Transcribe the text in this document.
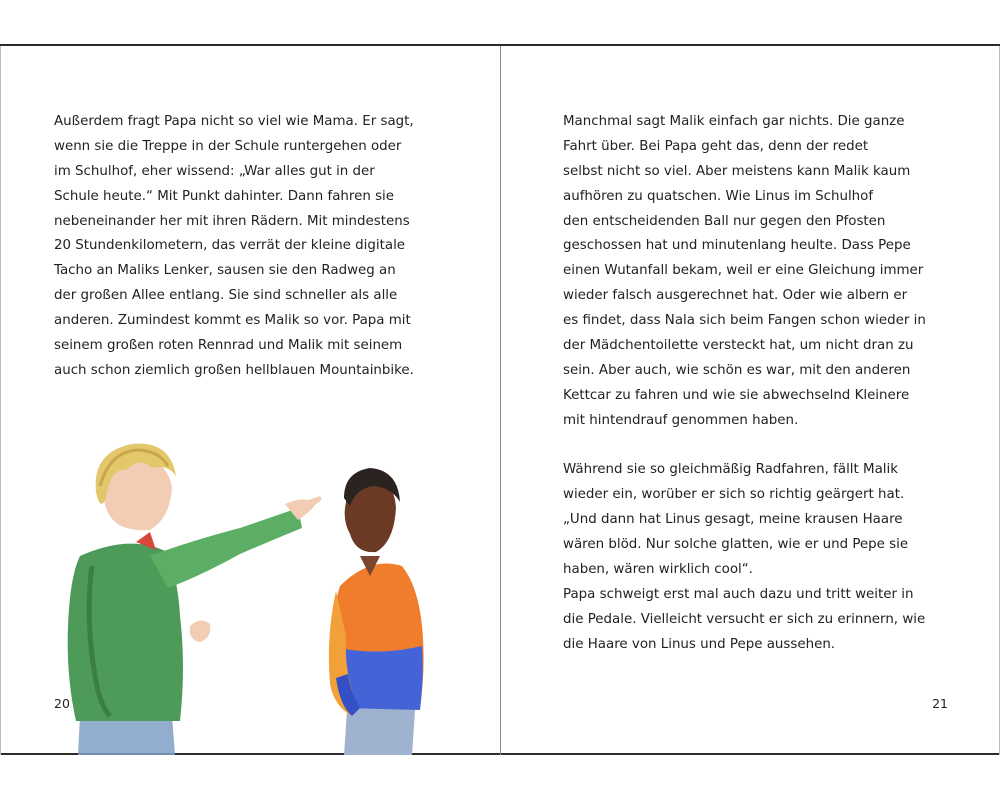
Außerdem fragt Papa nicht so viel wie Mama. Er sagt,
wenn sie die Treppe in der Schule runtergehen oder
im Schulhof, eher wissend: „War alles gut in der
Schule heute.“ Mit Punkt dahinter. Dann fahren sie
nebeneinander her mit ihren Rädern. Mit mindestens
20 Stundenkilometern, das verrät der kleine digitale
Tacho an Maliks Lenker, sausen sie den Radweg an
der großen Allee entlang. Sie sind schneller als alle
anderen. Zumindest kommt es Malik so vor. Papa mit
seinem großen roten Rennrad und Malik mit seinem
auch schon ziemlich großen hellblauen Mountainbike.
20
Manchmal sagt Malik einfach gar nichts. Die ganze
Fahrt über. Bei Papa geht das, denn der redet
selbst nicht so viel. Aber meistens kann Malik kaum
aufhören zu quatschen. Wie Linus im Schulhof
den entscheidenden Ball nur gegen den Pfosten
geschossen hat und minutenlang heulte. Dass Pepe
einen Wutanfall bekam, weil er eine Gleichung immer
wieder falsch ausgerechnet hat. Oder wie albern er
es findet, dass Nala sich beim Fangen schon wieder in
der Mädchentoilette versteckt hat, um nicht dran zu
sein. Aber auch, wie schön es war, mit den anderen
Kettcar zu fahren und wie sie abwechselnd Kleinere
mit hintendrauf genommen haben.
Während sie so gleichmäßig Radfahren, fällt Malik
wieder ein, worüber er sich so richtig geärgert hat.
„Und dann hat Linus gesagt, meine krausen Haare
wären blöd. Nur solche glatten, wie er und Pepe sie
haben, wären wirklich cool“.
Papa schweigt erst mal auch dazu und tritt weiter in
die Pedale. Vielleicht versucht er sich zu erinnern, wie
die Haare von Linus und Pepe aussehen.
21
